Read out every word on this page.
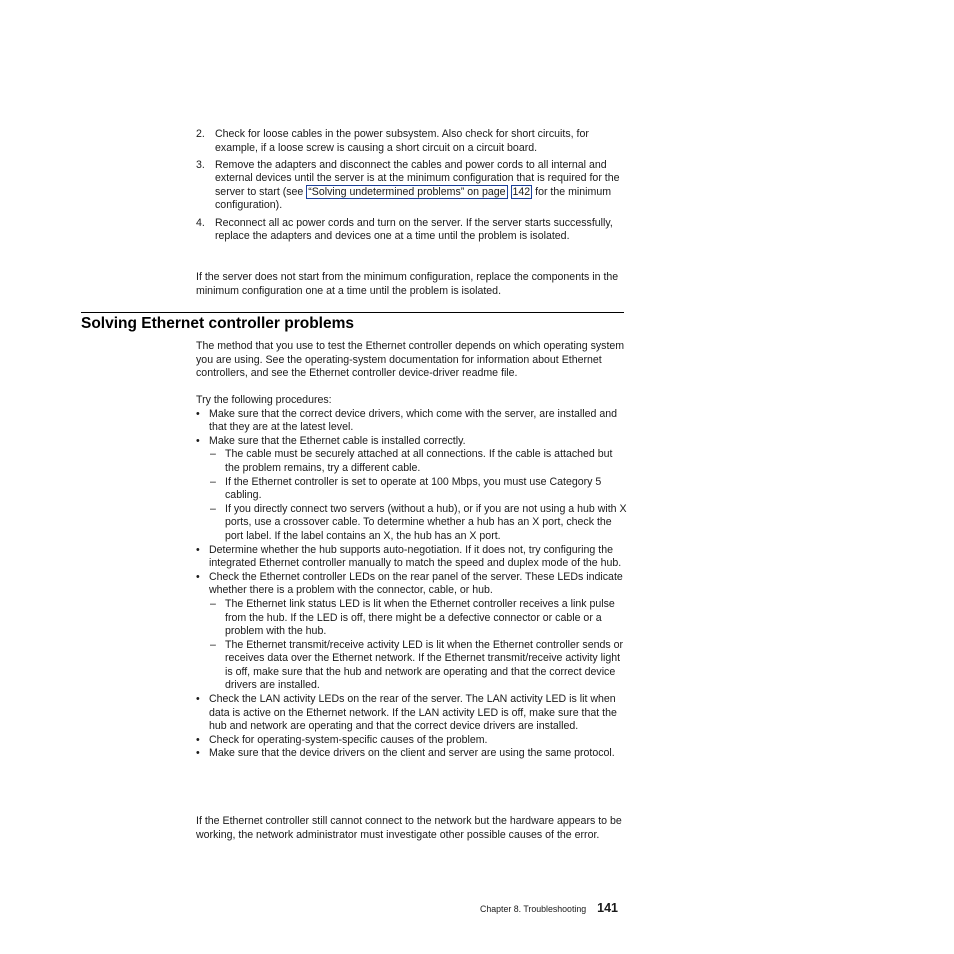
2. Check for loose cables in the power subsystem. Also check for short circuits, for example, if a loose screw is causing a short circuit on a circuit board.
3. Remove the adapters and disconnect the cables and power cords to all internal and external devices until the server is at the minimum configuration that is required for the server to start (see “Solving undetermined problems” on page 142 for the minimum configuration).
4. Reconnect all ac power cords and turn on the server. If the server starts successfully, replace the adapters and devices one at a time until the problem is isolated.

If the server does not start from the minimum configuration, replace the components in the minimum configuration one at a time until the problem is isolated.

Solving Ethernet controller problems

The method that you use to test the Ethernet controller depends on which operating system you are using. See the operating-system documentation for information about Ethernet controllers, and see the Ethernet controller device-driver readme file.

Try the following procedures:

• Make sure that the correct device drivers, which come with the server, are installed and that they are at the latest level.
• Make sure that the Ethernet cable is installed correctly.
– The cable must be securely attached at all connections. If the cable is attached but the problem remains, try a different cable.
– If the Ethernet controller is set to operate at 100 Mbps, you must use Category 5 cabling.
– If you directly connect two servers (without a hub), or if you are not using a hub with X ports, use a crossover cable. To determine whether a hub has an X port, check the port label. If the label contains an X, the hub has an X port.
• Determine whether the hub supports auto-negotiation. If it does not, try configuring the integrated Ethernet controller manually to match the speed and duplex mode of the hub.
• Check the Ethernet controller LEDs on the rear panel of the server. These LEDs indicate whether there is a problem with the connector, cable, or hub.
– The Ethernet link status LED is lit when the Ethernet controller receives a link pulse from the hub. If the LED is off, there might be a defective connector or cable or a problem with the hub.
– The Ethernet transmit/receive activity LED is lit when the Ethernet controller sends or receives data over the Ethernet network. If the Ethernet transmit/receive activity light is off, make sure that the hub and network are operating and that the correct device drivers are installed.
• Check the LAN activity LEDs on the rear of the server. The LAN activity LED is lit when data is active on the Ethernet network. If the LAN activity LED is off, make sure that the hub and network are operating and that the correct device drivers are installed.
• Check for operating-system-specific causes of the problem.
• Make sure that the device drivers on the client and server are using the same protocol.

If the Ethernet controller still cannot connect to the network but the hardware appears to be working, the network administrator must investigate other possible causes of the error.

Chapter 8. Troubleshooting 141
